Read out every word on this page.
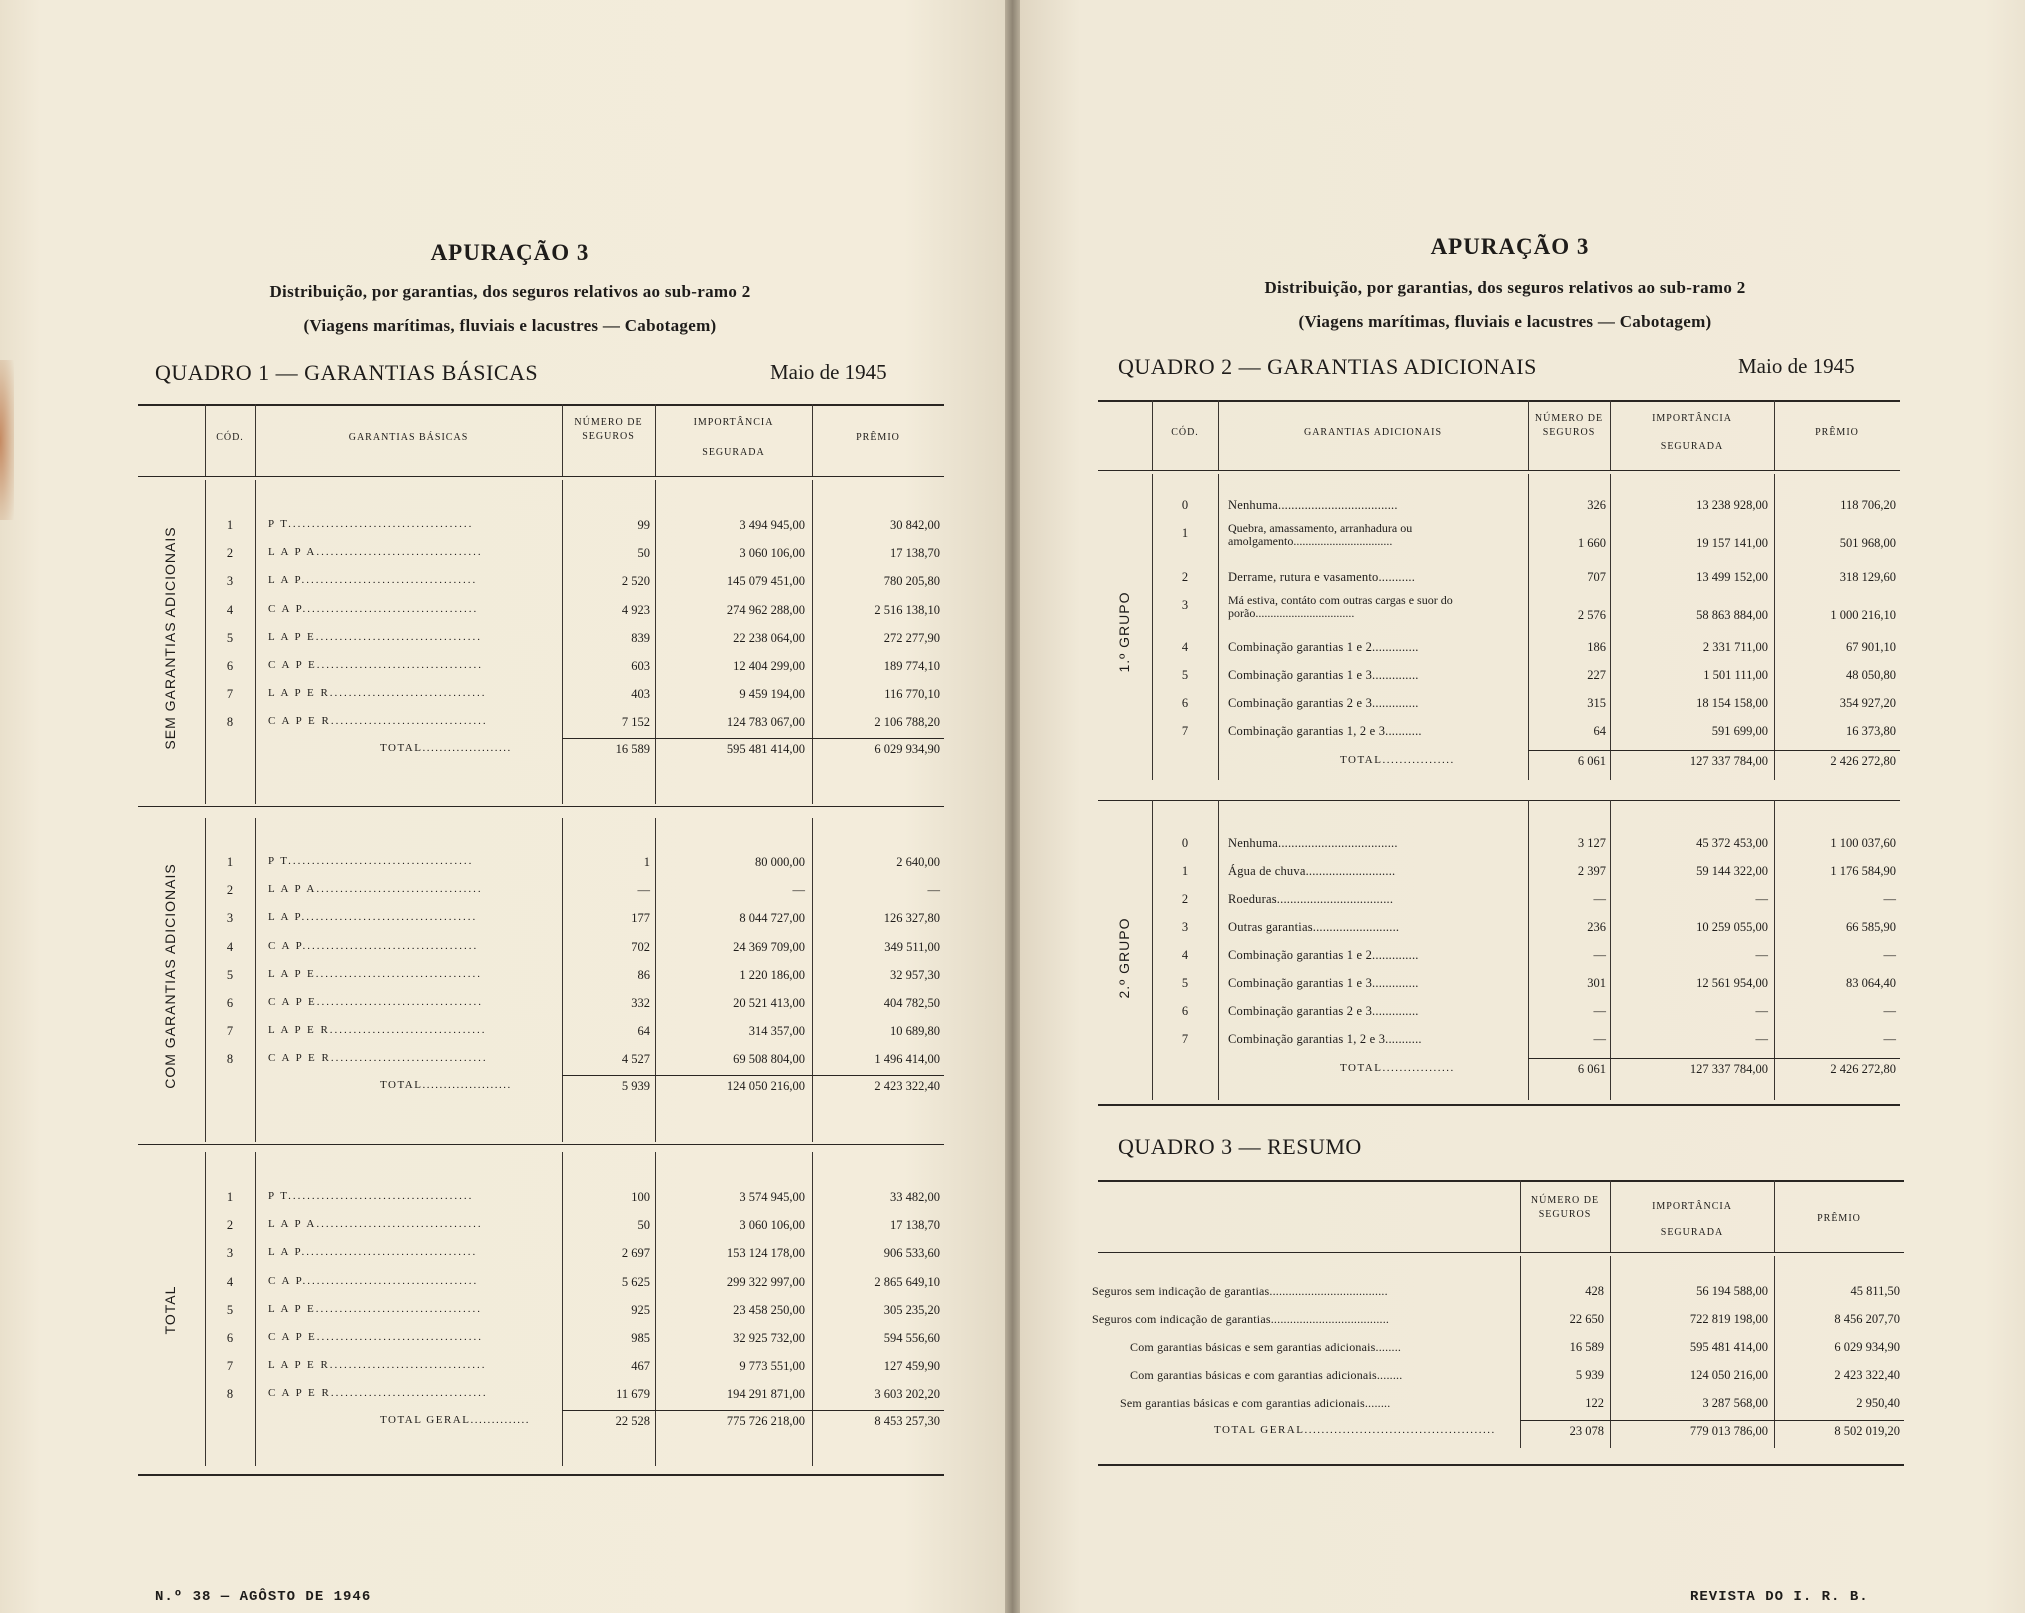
APURAÇÃO 3
Distribuição, por garantias, dos seguros relativos ao sub-ramo 2
(Viagens marítimas, fluviais e lacustres — Cabotagem)
QUADRO 1 — GARANTIAS BÁSICAS	Maio de 1945
CÓD.	GARANTIAS BÁSICAS
NÚMERO DE SEGUROS
IMPORTÂNCIA
SEGURADA
PRÊMIO
SEM GARANTIAS ADICIONAIS
1	P T.......................................	99	3 494 945,00	30 842,00
2	L A P A...................................	50	3 060 106,00	17 138,70
3	L A P.....................................	2 520	145 079 451,00	780 205,80
4	C A P.....................................	4 923	274 962 288,00	2 516 138,10
5	L A P E...................................	839	22 238 064,00	272 277,90
6	C A P E...................................	603	12 404 299,00	189 774,10
7	L A P E R.................................	403	9 459 194,00	116 770,10
8	C A P E R.................................	7 152	124 783 067,00	2 106 788,20
TOTAL.....................	16 589	595 481 414,00	6 029 934,90
COM GARANTIAS ADICIONAIS
1	P T.......................................	1	80 000,00	2 640,00
2	L A P A...................................	—	—	—
3	L A P.....................................	177	8 044 727,00	126 327,80
4	C A P.....................................	702	24 369 709,00	349 511,00
5	L A P E...................................	86	1 220 186,00	32 957,30
6	C A P E...................................	332	20 521 413,00	404 782,50
7	L A P E R.................................	64	314 357,00	10 689,80
8	C A P E R.................................	4 527	69 508 804,00	1 496 414,00
TOTAL.....................	5 939	124 050 216,00	2 423 322,40
TOTAL
1	P T.......................................	100	3 574 945,00	33 482,00
2	L A P A...................................	50	3 060 106,00	17 138,70
3	L A P.....................................	2 697	153 124 178,00	906 533,60
4	C A P.....................................	5 625	299 322 997,00	2 865 649,10
5	L A P E...................................	925	23 458 250,00	305 235,20
6	C A P E...................................	985	32 925 732,00	594 556,60
7	L A P E R.................................	467	9 773 551,00	127 459,90
8	C A P E R.................................	11 679	194 291 871,00	3 603 202,20
TOTAL GERAL..............	22 528	775 726 218,00	8 453 257,30
N.º 38 — AGÔSTO DE 1946
APURAÇÃO 3
Distribuição, por garantias, dos seguros relativos ao sub-ramo 2
(Viagens marítimas, fluviais e lacustres — Cabotagem)
QUADRO 2 — GARANTIAS ADICIONAIS	Maio de 1945
CÓD.	GARANTIAS ADICIONAIS
NÚMERO DE SEGUROS
IMPORTÂNCIA
SEGURADA
PRÊMIO
1.º GRUPO
0	Nenhuma....................................	326	13 238 928,00	118 706,20
1	Quebra, amassamento, arranhadura ou amolgamento.................................	1 660	19 157 141,00	501 968,00
2	Derrame, rutura e vasamento...........	707	13 499 152,00	318 129,60
3	Má estiva, contáto com outras cargas e suor do porão.................................	2 576	58 863 884,00	1 000 216,10
4	Combinação garantias 1 e 2..............	186	2 331 711,00	67 901,10
5	Combinação garantias 1 e 3..............	227	1 501 111,00	48 050,80
6	Combinação garantias 2 e 3..............	315	18 154 158,00	354 927,20
7	Combinação garantias 1, 2 e 3...........	64	591 699,00	16 373,80
TOTAL.................	6 061	127 337 784,00	2 426 272,80
2.º GRUPO
0	Nenhuma....................................	3 127	45 372 453,00	1 100 037,60
1	Água de chuva...........................	2 397	59 144 322,00	1 176 584,90
2	Roeduras...................................	—	—	—
3	Outras garantias..........................	236	10 259 055,00	66 585,90
4	Combinação garantias 1 e 2..............	—	—	—
5	Combinação garantias 1 e 3..............	301	12 561 954,00	83 064,40
6	Combinação garantias 2 e 3..............	—	—	—
7	Combinação garantias 1, 2 e 3...........	—	—	—
TOTAL.................	6 061	127 337 784,00	2 426 272,80
QUADRO 3 — RESUMO
NÚMERO DE SEGUROS
IMPORTÂNCIA
SEGURADA
PRÊMIO
Seguros sem indicação de garantias.....................................	428	56 194 588,00	45 811,50
Seguros com indicação de garantias.....................................	22 650	722 819 198,00	8 456 207,70
Com garantias básicas e sem garantias adicionais........	16 589	595 481 414,00	6 029 934,90
Com garantias básicas e com garantias adicionais........	5 939	124 050 216,00	2 423 322,40
Sem garantias básicas e com garantias adicionais........	122	3 287 568,00	2 950,40
TOTAL GERAL.............................................	23 078	779 013 786,00	8 502 019,20
REVISTA DO I. R. B.
